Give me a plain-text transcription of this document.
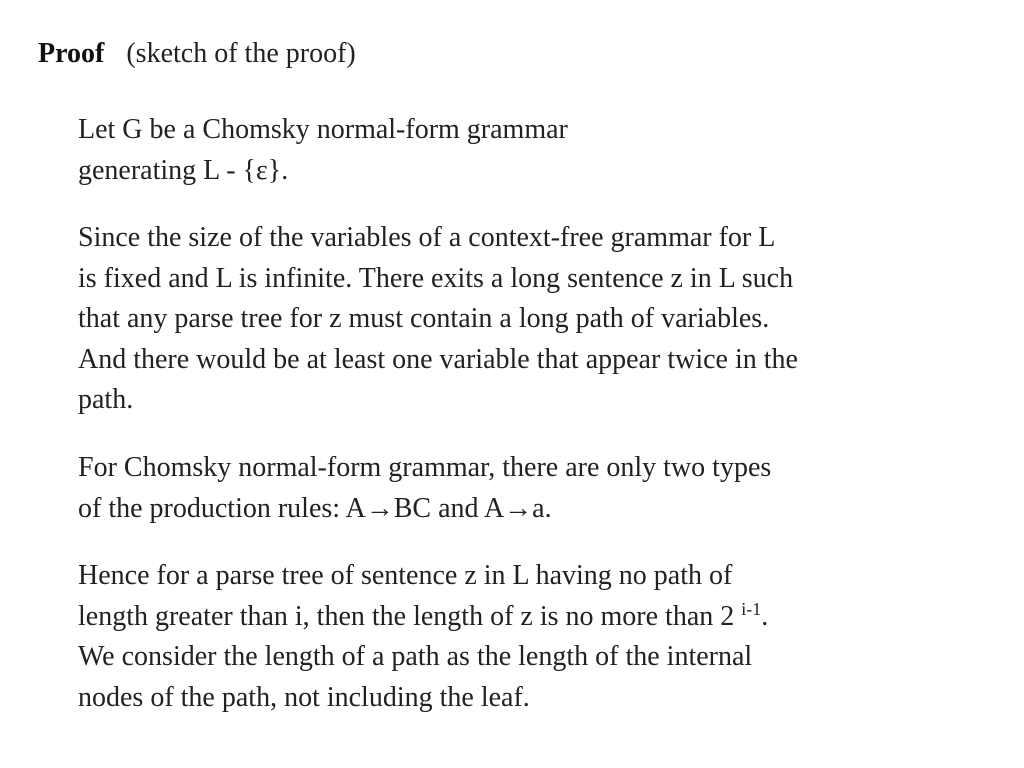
Proof (sketch of the proof)

Let G be a Chomsky normal-form grammar
generating L - {ε}.

Since the size of the variables of a context-free grammar for L
is fixed and L is infinite. There exits a long sentence z in L such
that any parse tree for z must contain a long path of variables.
And there would be at least one variable that appear twice in the
path.

For Chomsky normal-form grammar, there are only two types
of the production rules: A→BC and A→a.

Hence for a parse tree of sentence z in L having no path of
length greater than i, then the length of z is no more than 2 $^{i-1}$.
We consider the length of a path as the length of the internal
nodes of the path, not including the leaf.
